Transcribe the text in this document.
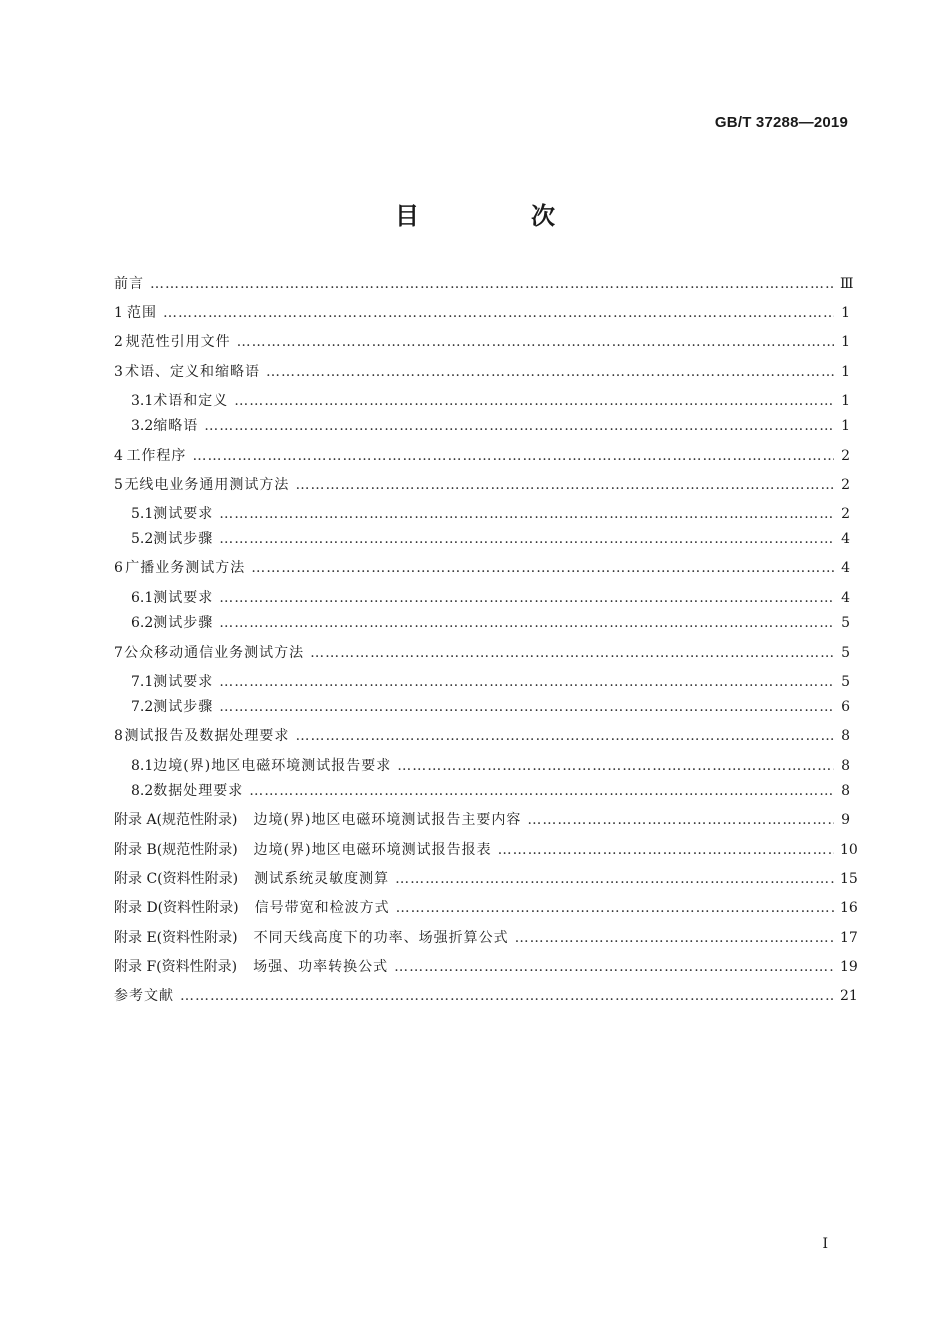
GB/T 37288—2019
目　次
前言 ……………………………………………………………………………………………………………………………………………………………………………………………………………………………………	Ⅲ
1 范围 ……………………………………………………………………………………………………………………………………………………………………………………………………………………………………	1
2 规范性引用文件 ……………………………………………………………………………………………………………………………………………………………………………………………………………………………………	1
3 术语、定义和缩略语 ……………………………………………………………………………………………………………………………………………………………………………………………………………………………………	1
3.1 术语和定义 ……………………………………………………………………………………………………………………………………………………………………………………………………………………………………	1
3.2 缩略语 ……………………………………………………………………………………………………………………………………………………………………………………………………………………………………	1
4 工作程序 ……………………………………………………………………………………………………………………………………………………………………………………………………………………………………	2
5 无线电业务通用测试方法 ……………………………………………………………………………………………………………………………………………………………………………………………………………………………………	2
5.1 测试要求 ……………………………………………………………………………………………………………………………………………………………………………………………………………………………………	2
5.2 测试步骤 ……………………………………………………………………………………………………………………………………………………………………………………………………………………………………	4
6 广播业务测试方法 ……………………………………………………………………………………………………………………………………………………………………………………………………………………………………	4
6.1 测试要求 ……………………………………………………………………………………………………………………………………………………………………………………………………………………………………	4
6.2 测试步骤 ……………………………………………………………………………………………………………………………………………………………………………………………………………………………………	5
7 公众移动通信业务测试方法 ……………………………………………………………………………………………………………………………………………………………………………………………………………………………………	5
7.1 测试要求 ……………………………………………………………………………………………………………………………………………………………………………………………………………………………………	5
7.2 测试步骤 ……………………………………………………………………………………………………………………………………………………………………………………………………………………………………	6
8 测试报告及数据处理要求 ……………………………………………………………………………………………………………………………………………………………………………………………………………………………………	8
8.1 边境(界)地区电磁环境测试报告要求 ……………………………………………………………………………………………………………………………………………………………………………………………………………………………………	8
8.2 数据处理要求 ……………………………………………………………………………………………………………………………………………………………………………………………………………………………………	8
附录 A(规范性附录) 边境(界)地区电磁环境测试报告主要内容 ……………………………………………………………………………………………………………………………………………………………………………………………………………………………………	9
附录 B(规范性附录) 边境(界)地区电磁环境测试报告报表 ……………………………………………………………………………………………………………………………………………………………………………………………………………………………………	10
附录 C(资料性附录) 测试系统灵敏度测算 ……………………………………………………………………………………………………………………………………………………………………………………………………………………………………	15
附录 D(资料性附录) 信号带宽和检波方式 ……………………………………………………………………………………………………………………………………………………………………………………………………………………………………	16
附录 E(资料性附录) 不同天线高度下的功率、场强折算公式 ……………………………………………………………………………………………………………………………………………………………………………………………………………………………………	17
附录 F(资料性附录) 场强、功率转换公式 ……………………………………………………………………………………………………………………………………………………………………………………………………………………………………	19
参考文献 ……………………………………………………………………………………………………………………………………………………………………………………………………………………………………	21
I
